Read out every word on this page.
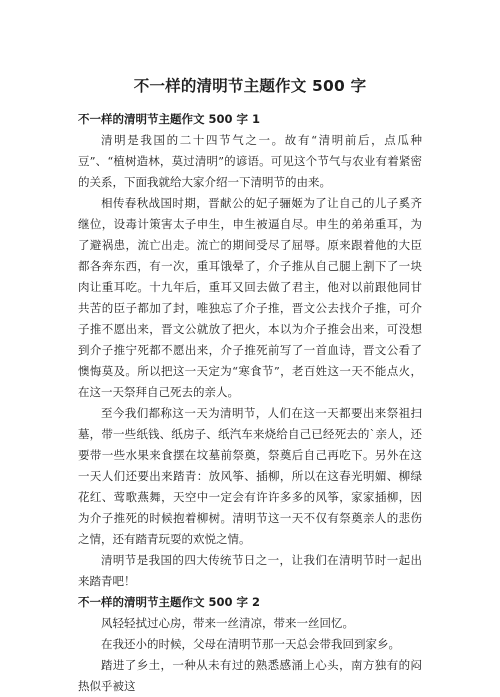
不一样的清明节主题作文 500 字
不一样的清明节主题作文 500 字 1

清明是我国的二十四节气之一。故有“清明前后，点瓜种豆”、“植树造林，莫过清明”的谚语。可见这个节气与农业有着紧密的关系，下面我就给大家介绍一下清明节的由来。

相传春秋战国时期，晋献公的妃子骊姬为了让自己的儿子奚齐继位，设毒计策害太子申生，申生被逼自尽。申生的弟弟重耳，为了避祸患，流亡出走。流亡的期间受尽了屈辱。原来跟着他的大臣都各奔东西，有一次，重耳饿晕了，介子推从自己腿上割下了一块肉让重耳吃。十九年后，重耳又回去做了君主，他对以前跟他同甘共苦的臣子都加了封，唯独忘了介子推，晋文公去找介子推，可介子推不愿出来，晋文公就放了把火，本以为介子推会出来，可没想到介子推宁死都不愿出来，介子推死前写了一首血诗，晋文公看了懊悔莫及。所以把这一天定为“寒食节”，老百姓这一天不能点火，在这一天祭拜自己死去的亲人。

至今我们都称这一天为清明节，人们在这一天都要出来祭祖扫墓，带一些纸钱、纸房子、纸汽车来烧给自己已经死去的`亲人，还要带一些水果来食摆在坟墓前祭奠，祭奠后自己再吃下。另外在这一天人们还要出来踏青：放风筝、插柳，所以在这春光明媚、柳绿花红、莺歌燕舞，天空中一定会有许许多多的风筝，家家插柳，因为介子推死的时候抱着柳树。清明节这一天不仅有祭奠亲人的悲伤之情，还有踏青玩耍的欢悦之情。

清明节是我国的四大传统节日之一，让我们在清明节时一起出来踏青吧！

不一样的清明节主题作文 500 字 2

风轻轻拭过心房，带来一丝清凉，带来一丝回忆。

在我还小的时候，父母在清明节那一天总会带我回到家乡。

踏进了乡土，一种从未有过的熟悉感涌上心头，南方独有的闷热似乎被这
